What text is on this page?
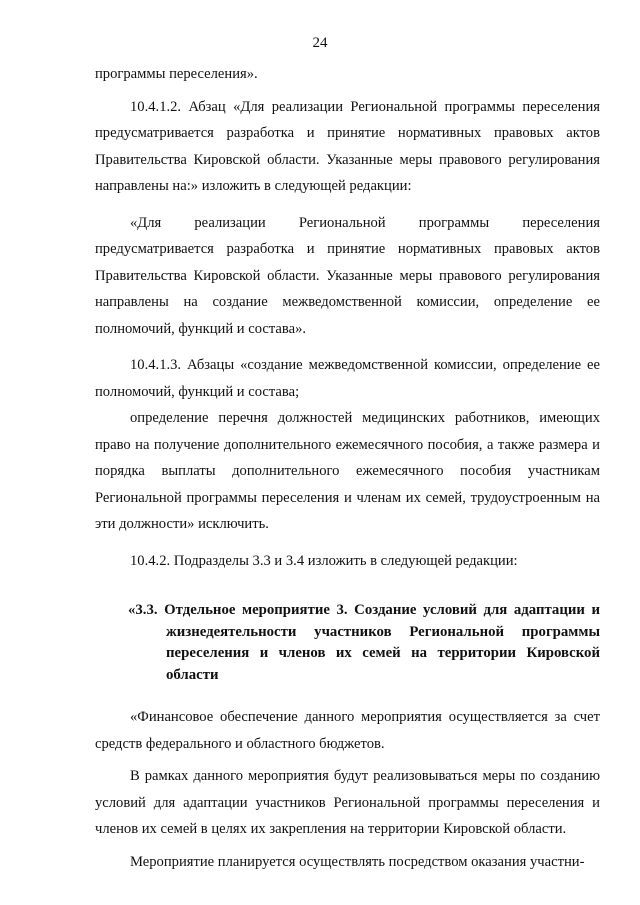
24

программы переселения».

10.4.1.2. Абзац «Для реализации Региональной программы переселения предусматривается разработка и принятие нормативных правовых актов Правительства Кировской области. Указанные меры правового регулирования направлены на:» изложить в следующей редакции:

«Для реализации Региональной программы переселения предусматривается разработка и принятие нормативных правовых актов Правительства Кировской области. Указанные меры правового регулирования направлены на создание межведомственной комиссии, определение ее полномочий, функций и состава».

10.4.1.3. Абзацы «создание межведомственной комиссии, определение ее полномочий, функций и состава;

определение перечня должностей медицинских работников, имеющих право на получение дополнительного ежемесячного пособия, а также размера и порядка выплаты дополнительного ежемесячного пособия участникам Региональной программы переселения и членам их семей, трудоустроенным на эти должности» исключить.

10.4.2. Подразделы 3.3 и 3.4 изложить в следующей редакции:

«3.3. Отдельное мероприятие 3. Создание условий для адаптации и жизнедеятельности участников Региональной программы переселения и членов их семей на территории Кировской области

«Финансовое обеспечение данного мероприятия осуществляется за счет средств федерального и областного бюджетов.

В рамках данного мероприятия будут реализовываться меры по созданию условий для адаптации участников Региональной программы переселения и членов их семей в целях их закрепления на территории Кировской области.

Мероприятие планируется осуществлять посредством оказания участни-
